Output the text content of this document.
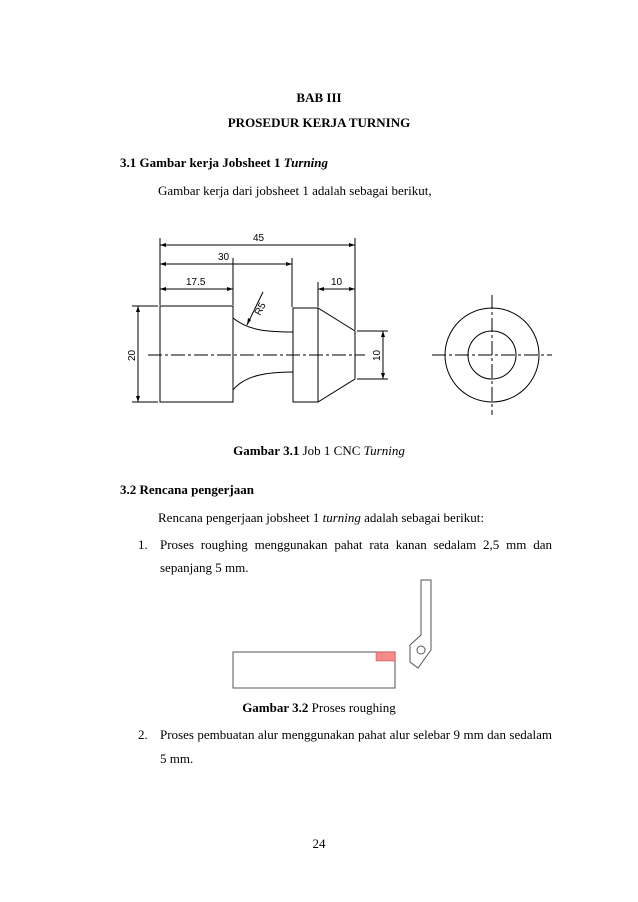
BAB III
PROSEDUR KERJA TURNING
3.1 Gambar kerja Jobsheet 1 Turning
Gambar kerja dari jobsheet 1 adalah sebagai berikut,
45
30
17.5	10
R5
20	10
Gambar 3.1 Job 1 CNC Turning
3.2 Rencana pengerjaan
Rencana pengerjaan jobsheet 1 turning adalah sebagai berikut:
1. Proses roughing menggunakan pahat rata kanan sedalam 2,5 mm dan
sepanjang 5 mm.
Gambar 3.2 Proses roughing
2. Proses pembuatan alur menggunakan pahat alur selebar 9 mm dan sedalam
5 mm.
24
